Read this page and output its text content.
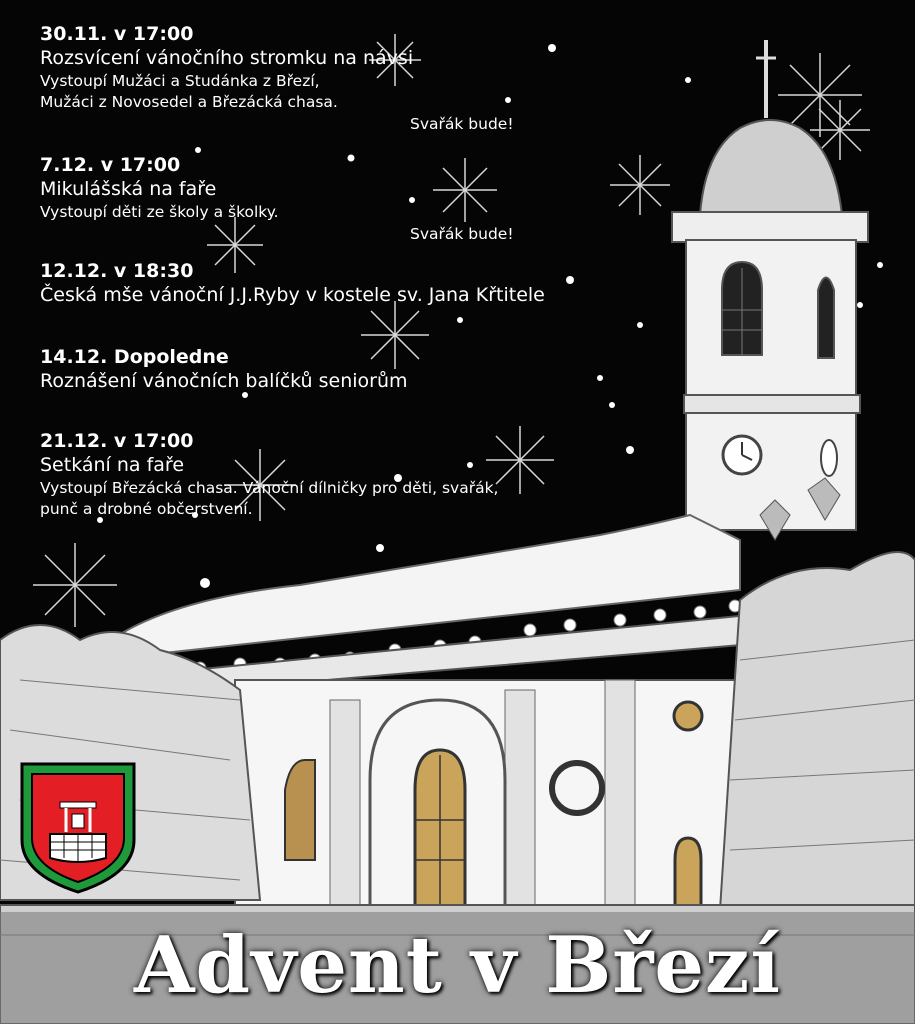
30.11. v 17:00
Rozsvícení vánočního stromku na návsi
Vystoupí Mužáci a Studánka z Březí,
Mužáci z Novosedel a Březácká chasa.
Svařák bude!
7.12. v 17:00
Mikulášská na faře
Vystoupí děti ze školy a školky.
Svařák bude!
12.12. v 18:30
Česká mše vánoční J.J.Ryby v kostele sv. Jana Křtitele
14.12. Dopoledne
Roznášení vánočních balíčků seniorům
21.12. v 17:00
Setkání na faře
Vystoupí Březácká chasa. Vánoční dílničky pro děti, svařák,
punč a drobné občerstvení.
Advent v Březí
